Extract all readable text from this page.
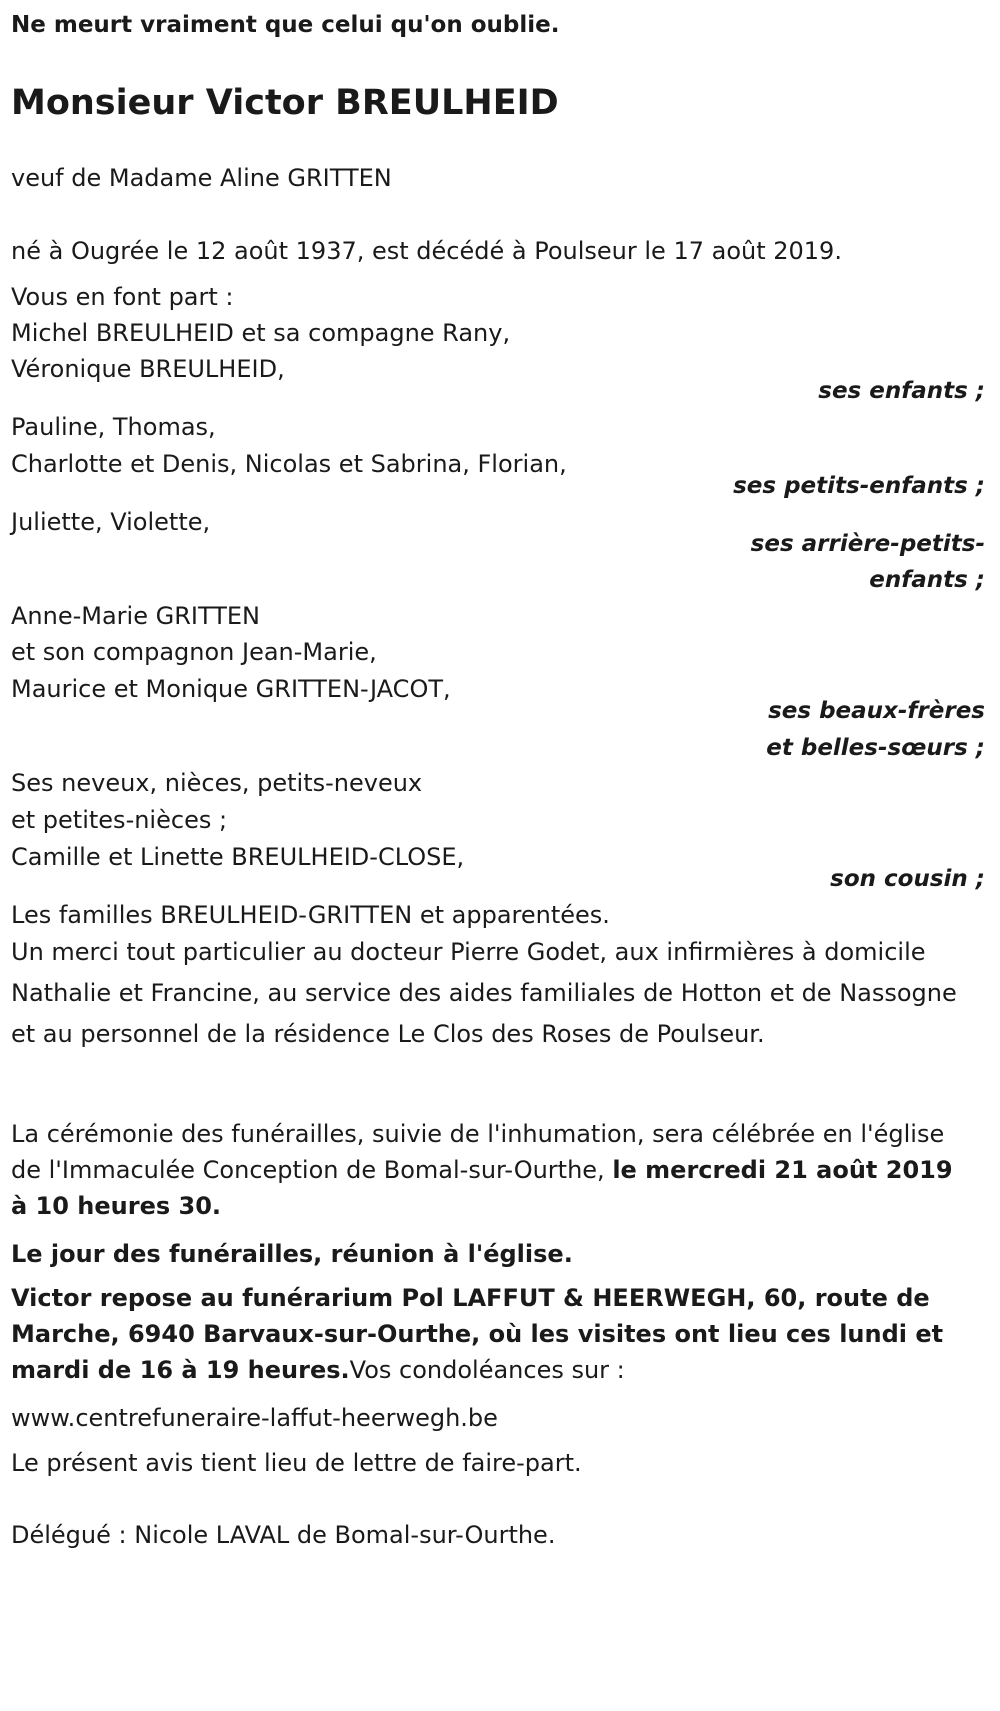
Ne meurt vraiment que celui qu'on oublie.

Monsieur Victor BREULHEID

veuf de Madame Aline GRITTEN

né à Ougrée le 12 août 1937, est décédé à Poulseur le 17 août 2019.

Vous en font part :

Michel BREULHEID et sa compagne Rany,

Véronique BREULHEID,

ses enfants ;

Pauline, Thomas,

Charlotte et Denis, Nicolas et Sabrina, Florian,

ses petits-enfants ;

Juliette, Violette,

ses arrière-petits-
enfants ;

Anne-Marie GRITTEN

et son compagnon Jean-Marie,

Maurice et Monique GRITTEN-JACOT,

ses beaux-frères
et belles-sœurs ;

Ses neveux, nièces, petits-neveux

et petites-nièces ;

Camille et Linette BREULHEID-CLOSE,

son cousin ;

Les familles BREULHEID-GRITTEN et apparentées.

Un merci tout particulier au docteur Pierre Godet, aux infirmières à domicile Nathalie et Francine, au service des aides familiales de Hotton et de Nassogne et au personnel de la résidence Le Clos des Roses de Poulseur.

La cérémonie des funérailles, suivie de l'inhumation, sera célébrée en l'église de l'Immaculée Conception de Bomal-sur-Ourthe, le mercredi 21 août 2019 à 10 heures 30.

Le jour des funérailles, réunion à l'église.

Victor repose au funérarium Pol LAFFUT & HEERWEGH, 60, route de Marche, 6940 Barvaux-sur-Ourthe, où les visites ont lieu ces lundi et mardi de 16 à 19 heures.Vos condoléances sur :

www.centrefuneraire-laffut-heerwegh.be

Le présent avis tient lieu de lettre de faire-part.

Délégué : Nicole LAVAL de Bomal-sur-Ourthe.
